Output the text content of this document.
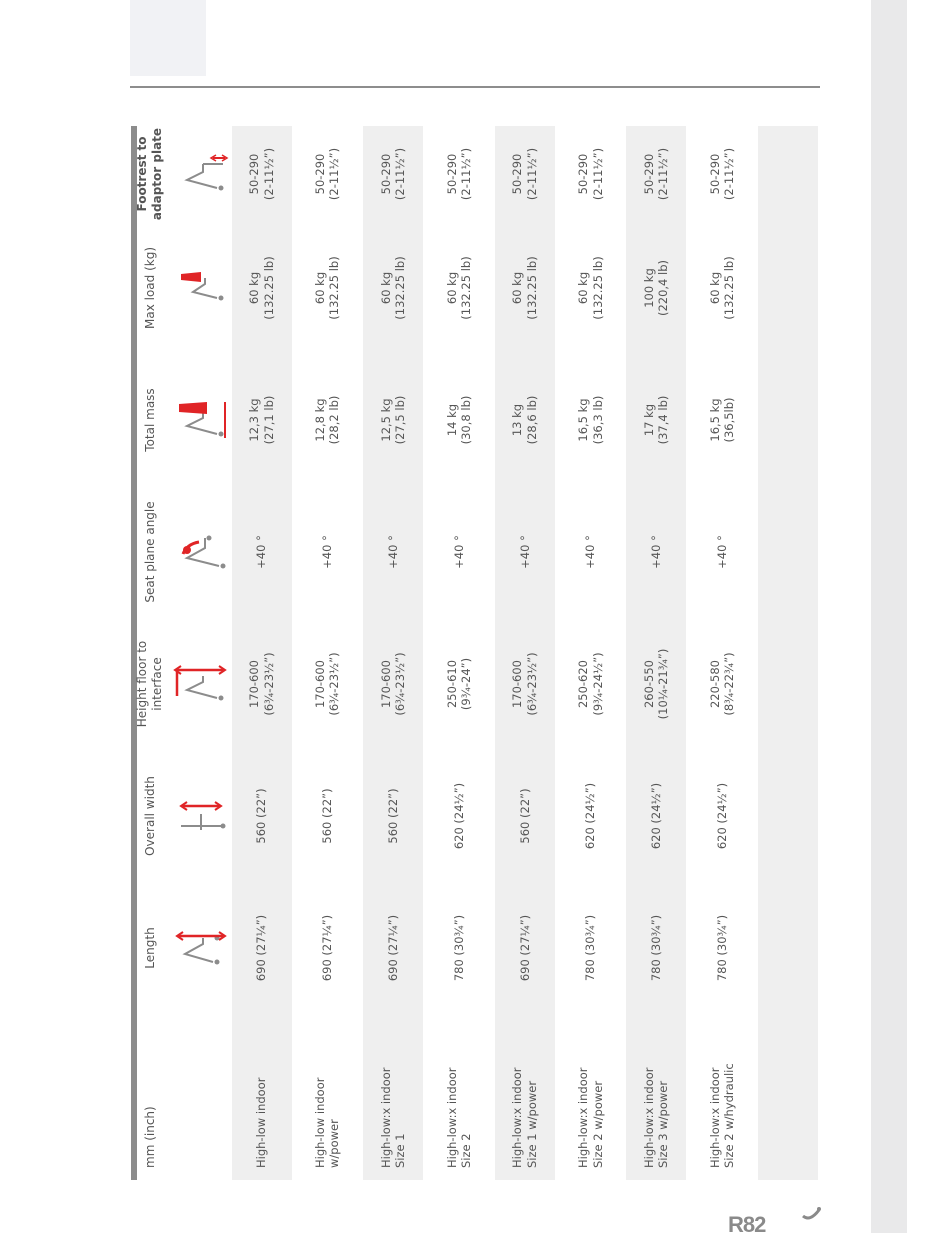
mm (inch)
Length
Overall width
Height floor to interface
Seat plane angle
Total mass
Max load (kg)
Footrest to adaptor plate
High-low indoor
690 (27¼”)
560 (22”)
170-600
(6¾-23½”)
+40 °
12,3 kg
(27,1 lb)
60 kg
(132.25 lb)
50-290
(2-11½”)
High-low indoor
w/power
690 (27¼”)
560 (22”)
170-600
(6¾-23½”)
+40 °
12,8 kg
(28,2 lb)
60 kg
(132.25 lb)
50-290
(2-11½”)
High-low:x indoor
Size 1
690 (27¼”)
560 (22”)
170-600
(6¾-23½”)
+40 °
12,5 kg
(27,5 lb)
60 kg
(132.25 lb)
50-290
(2-11½”)
High-low:x indoor
Size 2
780 (30¾”)
620 (24½”)
250-610
(9¾-24”)
+40 °
14 kg
(30,8 lb)
60 kg
(132.25 lb)
50-290
(2-11½”)
High-low:x indoor
Size 1 w/power
690 (27¼”)
560 (22”)
170-600
(6¾-23½”)
+40 °
13 kg
(28,6 lb)
60 kg
(132.25 lb)
50-290
(2-11½”)
High-low:x indoor
Size 2 w/power
780 (30¾”)
620 (24½”)
250-620
(9¾-24½”)
+40 °
16,5 kg
(36,3 lb)
60 kg
(132.25 lb)
50-290
(2-11½”)
High-low:x indoor
Size 3 w/power
780 (30¾”)
620 (24½”)
260-550
(10¼-21¾”)
+40 °
17 kg
(37,4 lb)
100 kg
(220,4 lb)
50-290
(2-11½”)
High-low:x indoor
Size 2 w/hydraulic
780 (30¾”)
620 (24½”)
220-580
(8¾-22¾”)
+40 °
16,5 kg
(36,5lb)
60 kg
(132.25 lb)
50-290
(2-11½”)
R82
